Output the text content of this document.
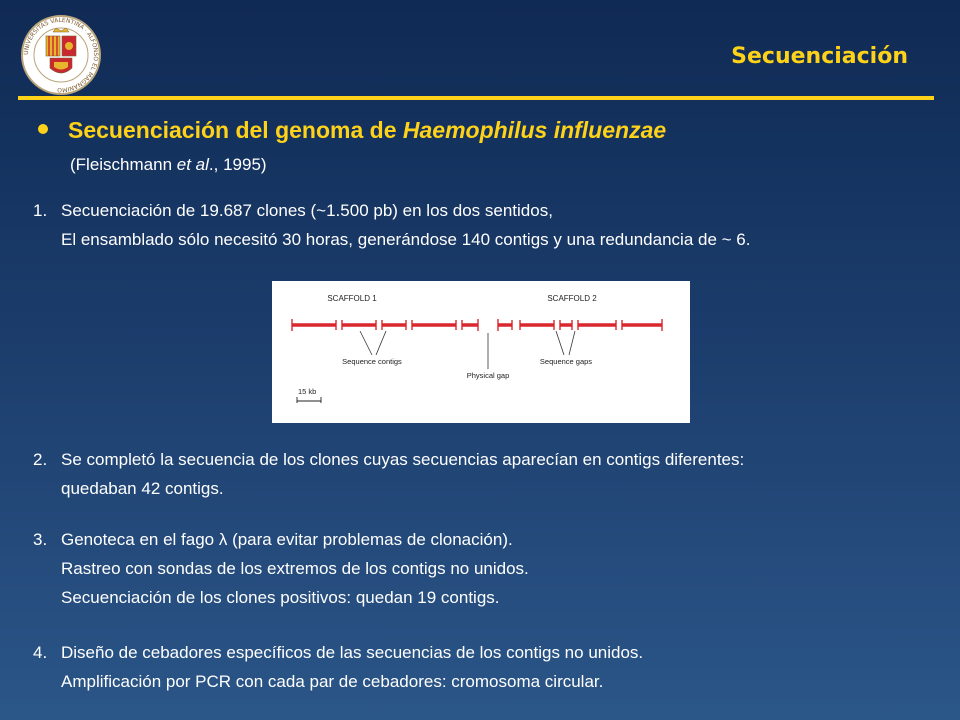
UNIVERSITAS VALENTINA · ALFONSO EL MAGNANIMO
Secuenciación
Secuenciación del genoma de Haemophilus influenzae
(Fleischmann et al., 1995)
1. Secuenciación de 19.687 clones (~1.500 pb) en los dos sentidos,
El ensamblado sólo necesitó 30 horas, generándose 140 contigs y una redundancia de ~ 6.
SCAFFOLD 1	SCAFFOLD 2
Sequence contigs
Physical gap
Sequence gaps
15 kb
2. Se completó la secuencia de los clones cuyas secuencias aparecían en contigs diferentes:
quedaban 42 contigs.
3. Genoteca en el fago λ (para evitar problemas de clonación).
Rastreo con sondas de los extremos de los contigs no unidos.
Secuenciación de los clones positivos: quedan 19 contigs.
4. Diseño de cebadores específicos de las secuencias de los contigs no unidos.
Amplificación por PCR con cada par de cebadores: cromosoma circular.
